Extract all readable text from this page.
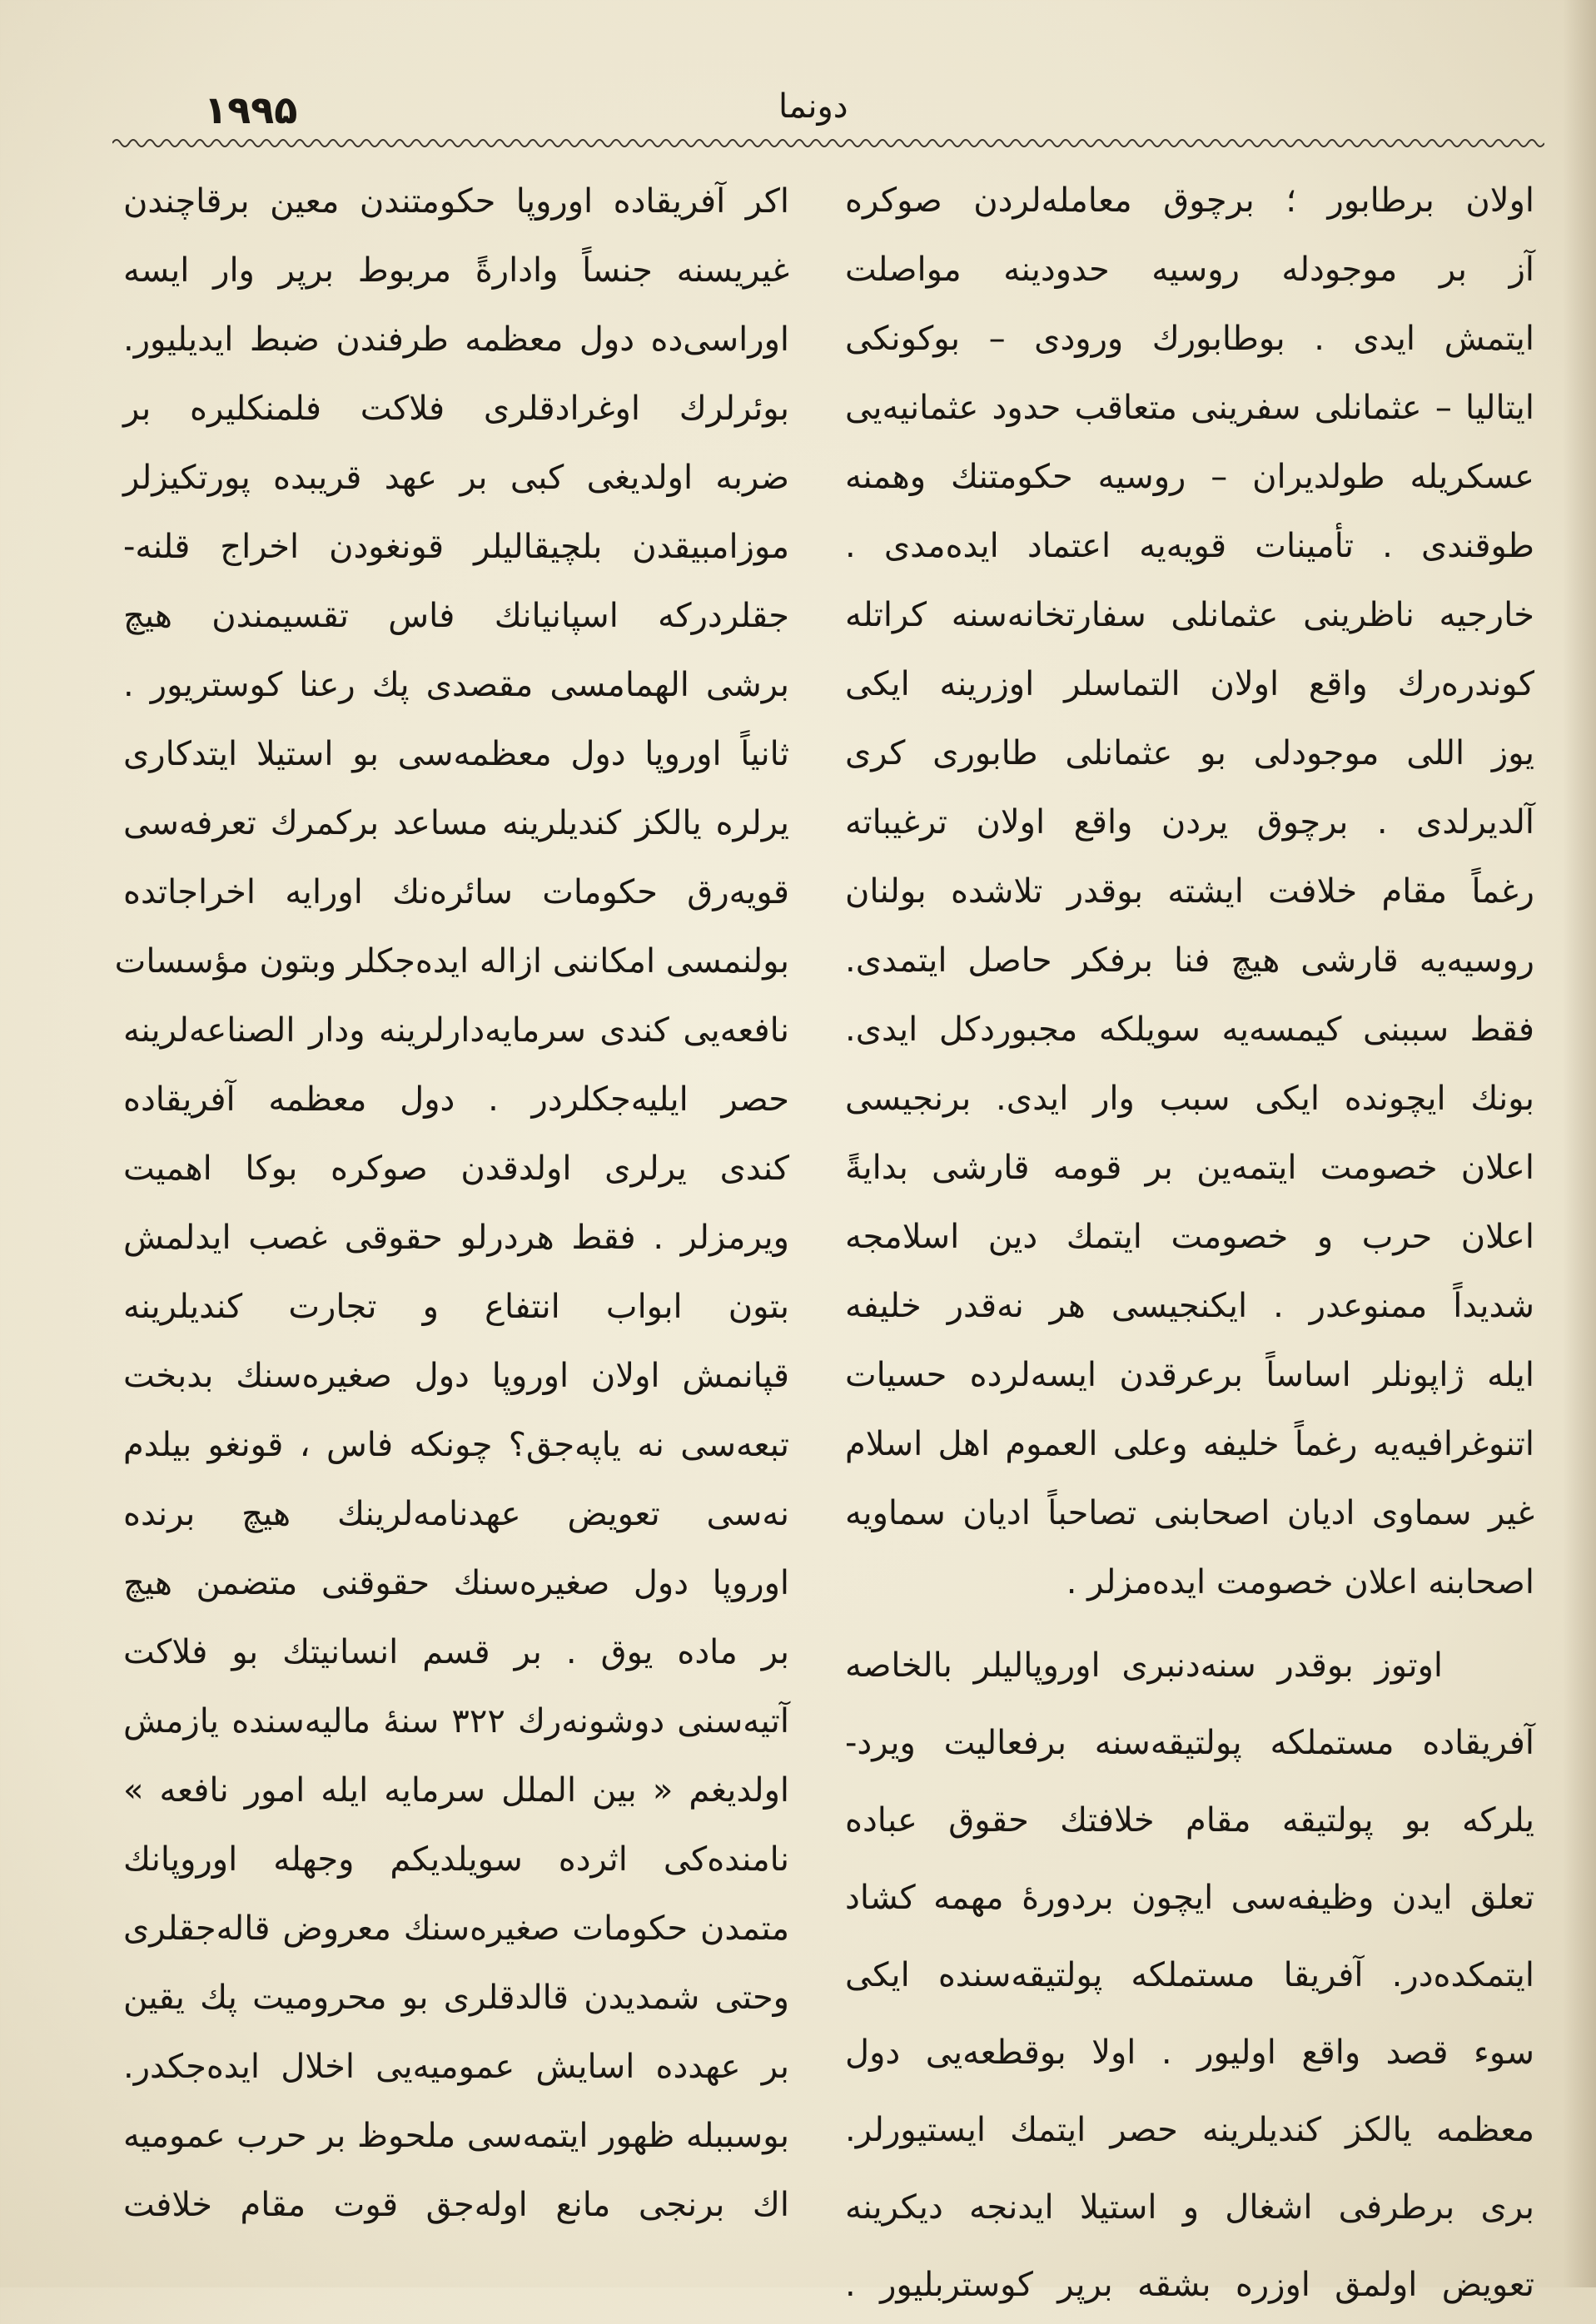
۱۹۹۵	دونما
اولان برطابور ؛ برچوق معامله‌لردن صوكره
آز بر موجودله روسیه حدودینه مواصلت
ایتمش ایدی . بوطابورك ورودی – بوكونكی
ایتالیا – عثمانلی سفرینی متعاقب حدود عثمانیه‌یی
عسكریله طولدیران – روسیه حكومتنك وهمنه
طوقندی . تأمینات قویه‌یه اعتماد ایده‌مدی .
خارجیه ناظرینی عثمانلی سفارتخانه‌سنه كراتله
كوندره‌رك واقع اولان التماسلر اوزرینه ایكی
یوز اللی موجودلی بو عثمانلی طابوری كری
آلدیرلدی . برچوق یردن واقع اولان ترغیباته
رغماً مقام خلافت ایشته بوقدر تلاشده بولنان
روسیه‌یه قارشی هیچ فنا برفكر حاصل ایتمدی.
فقط سببنی كیمسه‌یه سویلكه مجبوردكل ایدی.
بونك ایچونده ایكی سبب وار ایدی. برنجیسی
اعلان خصومت ایتمه‌ین بر قومه قارشی بدایةً
اعلان حرب و خصومت ایتمك دین اسلامجه
شدیداً ممنوعدر . ایكنجیسی هر نه‌قدر خلیفه
ایله ژاپونلر اساساً برعرقدن ایسه‌لرده حسیات
اتنوغرافیه‌یه رغماً خلیفه وعلی العموم اهل اسلام
غیر سماوی ادیان اصحابنی تصاحباً ادیان سماویه
اصحابنه اعلان خصومت ایده‌مزلر .
اوتوز بوقدر سنه‌دنبری اوروپالیلر بالخاصه
آفریقاده مستملكه پولتیقه‌سنه برفعالیت ویرد-
یلركه بو پولتیقه مقام خلافتك حقوق عباده
تعلق ایدن وظیفه‌سی ایچون بردورهٔ مهمه كشاد
ایتمكده‌در. آفریقا مستملكه پولتیقه‌سنده ایكی
سوء قصد واقع اولیور . اولا بوقطعه‌یی دول
معظمه یالكز كندیلرینه حصر ایتمك ایستیورلر.
بری برطرفی اشغال و استیلا ایدنجه دیكرینه
تعویض اولمق اوزره بشقه برپر كوستربلیور .
اكر آفریقاده اوروپا حكومتندن معین برقاچندن
غیریسنه جنساً وادارةً مربوط برپر وار ایسه
اوراسی‌ده دول معظمه طرفندن ضبط ایدیلیور.
بوئرلرك اوغرادقلری فلاكت فلمنكلیره بر
ضربه اولدیغی كبی بر عهد قریبده پورتكیزلر
موزامبیقدن بلچیقالیلر قونغودن اخراج قلنه-
جقلردركه اسپانیانك فاس تقسیمندن هیچ
برشی الهمامسی مقصدی پك رعنا كوستریور .
ثانیاً اوروپا دول معظمه‌سی بو استیلا ایتدكاری
یرلره یالكز كندیلرینه مساعد بركمرك تعرفه‌سی
قویه‌رق حكومات سائره‌نك اورایه اخراجاتده
بولنمسی امكاننی ازاله ایده‌جكلر وبتون مؤسسات
نافعه‌یی كندی سرمایه‌دارلرینه ودار الصناعه‌لرینه
حصر ایلیه‌جكلردر . دول معظمه آفریقاده
كندی یرلری اولدقدن صوكره بوكا اهمیت
ویرمزلر . فقط هردرلو حقوقی غصب ایدلمش
بتون ابواب انتفاع و تجارت كندیلرینه
قپانمش اولان اوروپا دول صغیره‌سنك بدبخت
تبعه‌سی نه یاپه‌جق؟ چونكه فاس ، قونغو بیلدم
نه‌سی تعویض عهدنامه‌لرینك هیچ برنده
اوروپا دول صغیره‌سنك حقوقنی متضمن هیچ
بر ماده یوق . بر قسم انسانیتك بو فلاكت
آتیه‌سنی دوشونه‌رك ۳۲۲ سنهٔ مالیه‌سنده یازمش
اولدیغم « بین الملل سرمایه ایله امور نافعه »
نامنده‌كی اثرده سویلدیكم وجهله اوروپانك
متمدن حكومات صغیره‌سنك معروض قاله‌جقلری
وحتی شمدیدن قالدقلری بو محرومیت پك یقین
بر عهدده اسایش عمومیه‌یی اخلال ایده‌جكدر.
بوسببله ظهور ایتمه‌سی ملحوظ بر حرب عمومیه
اك برنجی مانع اوله‌جق قوت مقام خلافت
